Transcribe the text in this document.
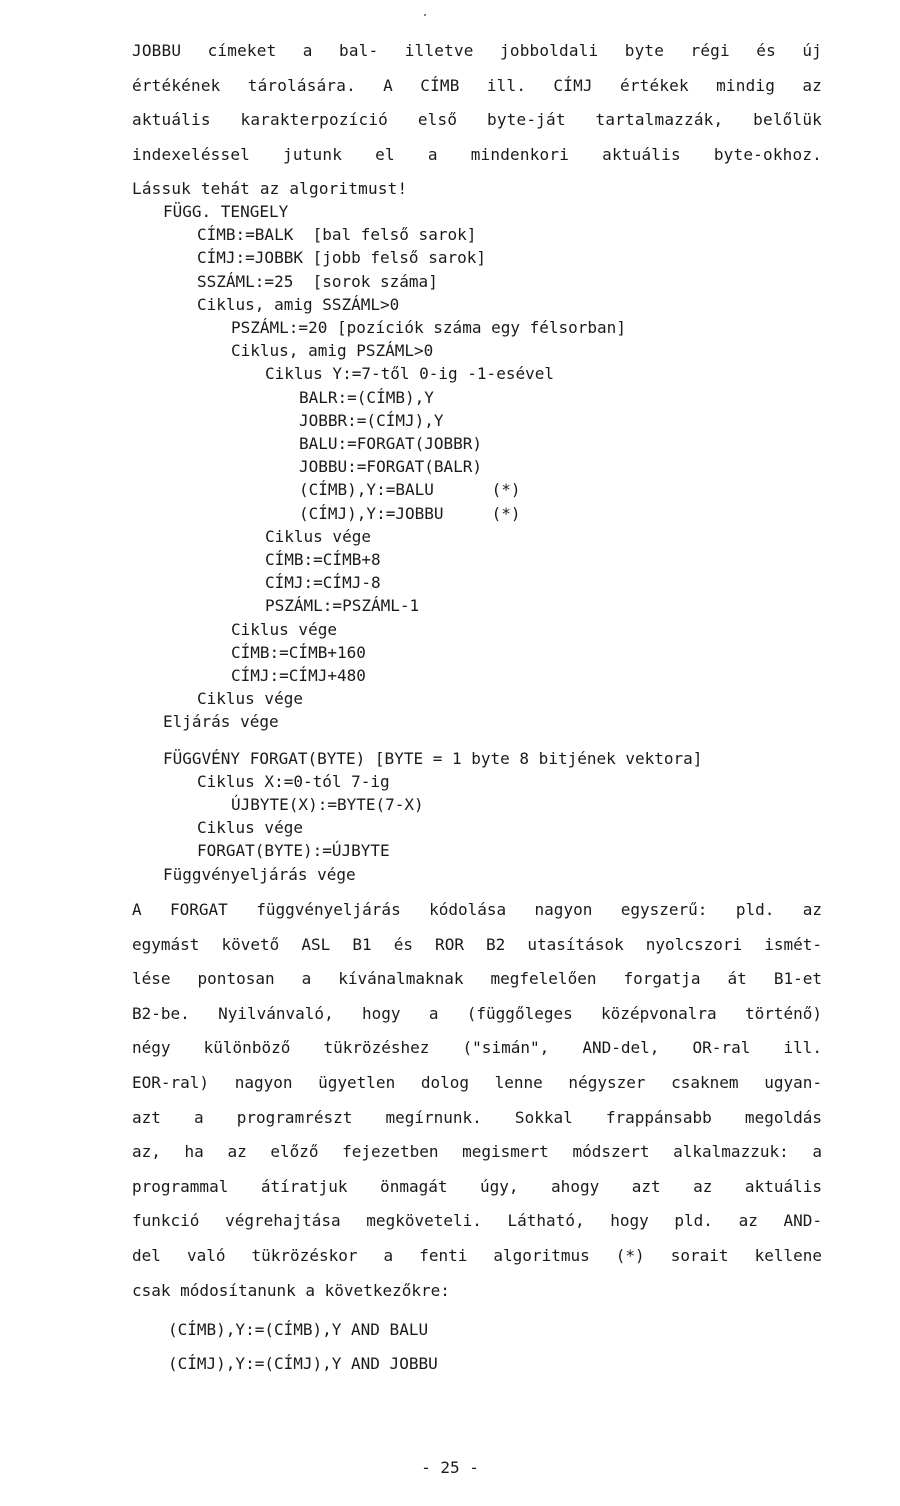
JOBBU címeket a bal- illetve jobboldali byte régi és új
értékének tárolására. A CÍMB ill. CÍMJ értékek mindig az
aktuális karakterpozíció első byte-ját tartalmazzák, belőlük
indexeléssel jutunk el a mindenkori aktuális byte-okhoz.
Lássuk tehát az algoritmust!
FÜGG. TENGELY
CÍMB:=BALK  [bal felső sarok]
CÍMJ:=JOBBK [jobb felső sarok]
SSZÁML:=25  [sorok száma]
Ciklus, amig SSZÁML>0
PSZÁML:=20 [pozíciók száma egy félsorban]
Ciklus, amig PSZÁML>0
Ciklus Y:=7-től 0-ig -1-esével
BALR:=(CÍMB),Y
JOBBR:=(CÍMJ),Y
BALU:=FORGAT(JOBBR)
JOBBU:=FORGAT(BALR)
(CÍMB),Y:=BALU      (*)
(CÍMJ),Y:=JOBBU     (*)
Ciklus vége
CÍMB:=CÍMB+8
CÍMJ:=CÍMJ-8
PSZÁML:=PSZÁML-1
Ciklus vége
CÍMB:=CÍMB+160
CÍMJ:=CÍMJ+480
Ciklus vége
Eljárás vége
FÜGGVÉNY FORGAT(BYTE) [BYTE = 1 byte 8 bitjének vektora]
Ciklus X:=0-tól 7-ig
ÚJBYTE(X):=BYTE(7-X)
Ciklus vége
FORGAT(BYTE):=ÚJBYTE
Függvényeljárás vége
A FORGAT függvényeljárás kódolása nagyon egyszerű: pld. az
egymást követő ASL B1 és ROR B2 utasítások nyolcszori ismét-
lése pontosan a kívánalmaknak megfelelően forgatja át B1-et
B2-be. Nyilvánvaló, hogy a (függőleges középvonalra történő)
négy különböző tükrözéshez ("simán", AND-del, OR-ral ill.
EOR-ral) nagyon ügyetlen dolog lenne négyszer csaknem ugyan-
azt a programrészt megírnunk. Sokkal frappánsabb megoldás
az, ha az előző fejezetben megismert módszert alkalmazzuk: a
programmal átíratjuk önmagát úgy, ahogy azt az aktuális
funkció végrehajtása megköveteli. Látható, hogy pld. az AND-
del való tükrözéskor a fenti algoritmus (*) sorait kellene
csak módosítanunk a következőkre:
(CÍMB),Y:=(CÍMB),Y AND BALU
(CÍMJ),Y:=(CÍMJ),Y AND JOBBU
- 25 -
